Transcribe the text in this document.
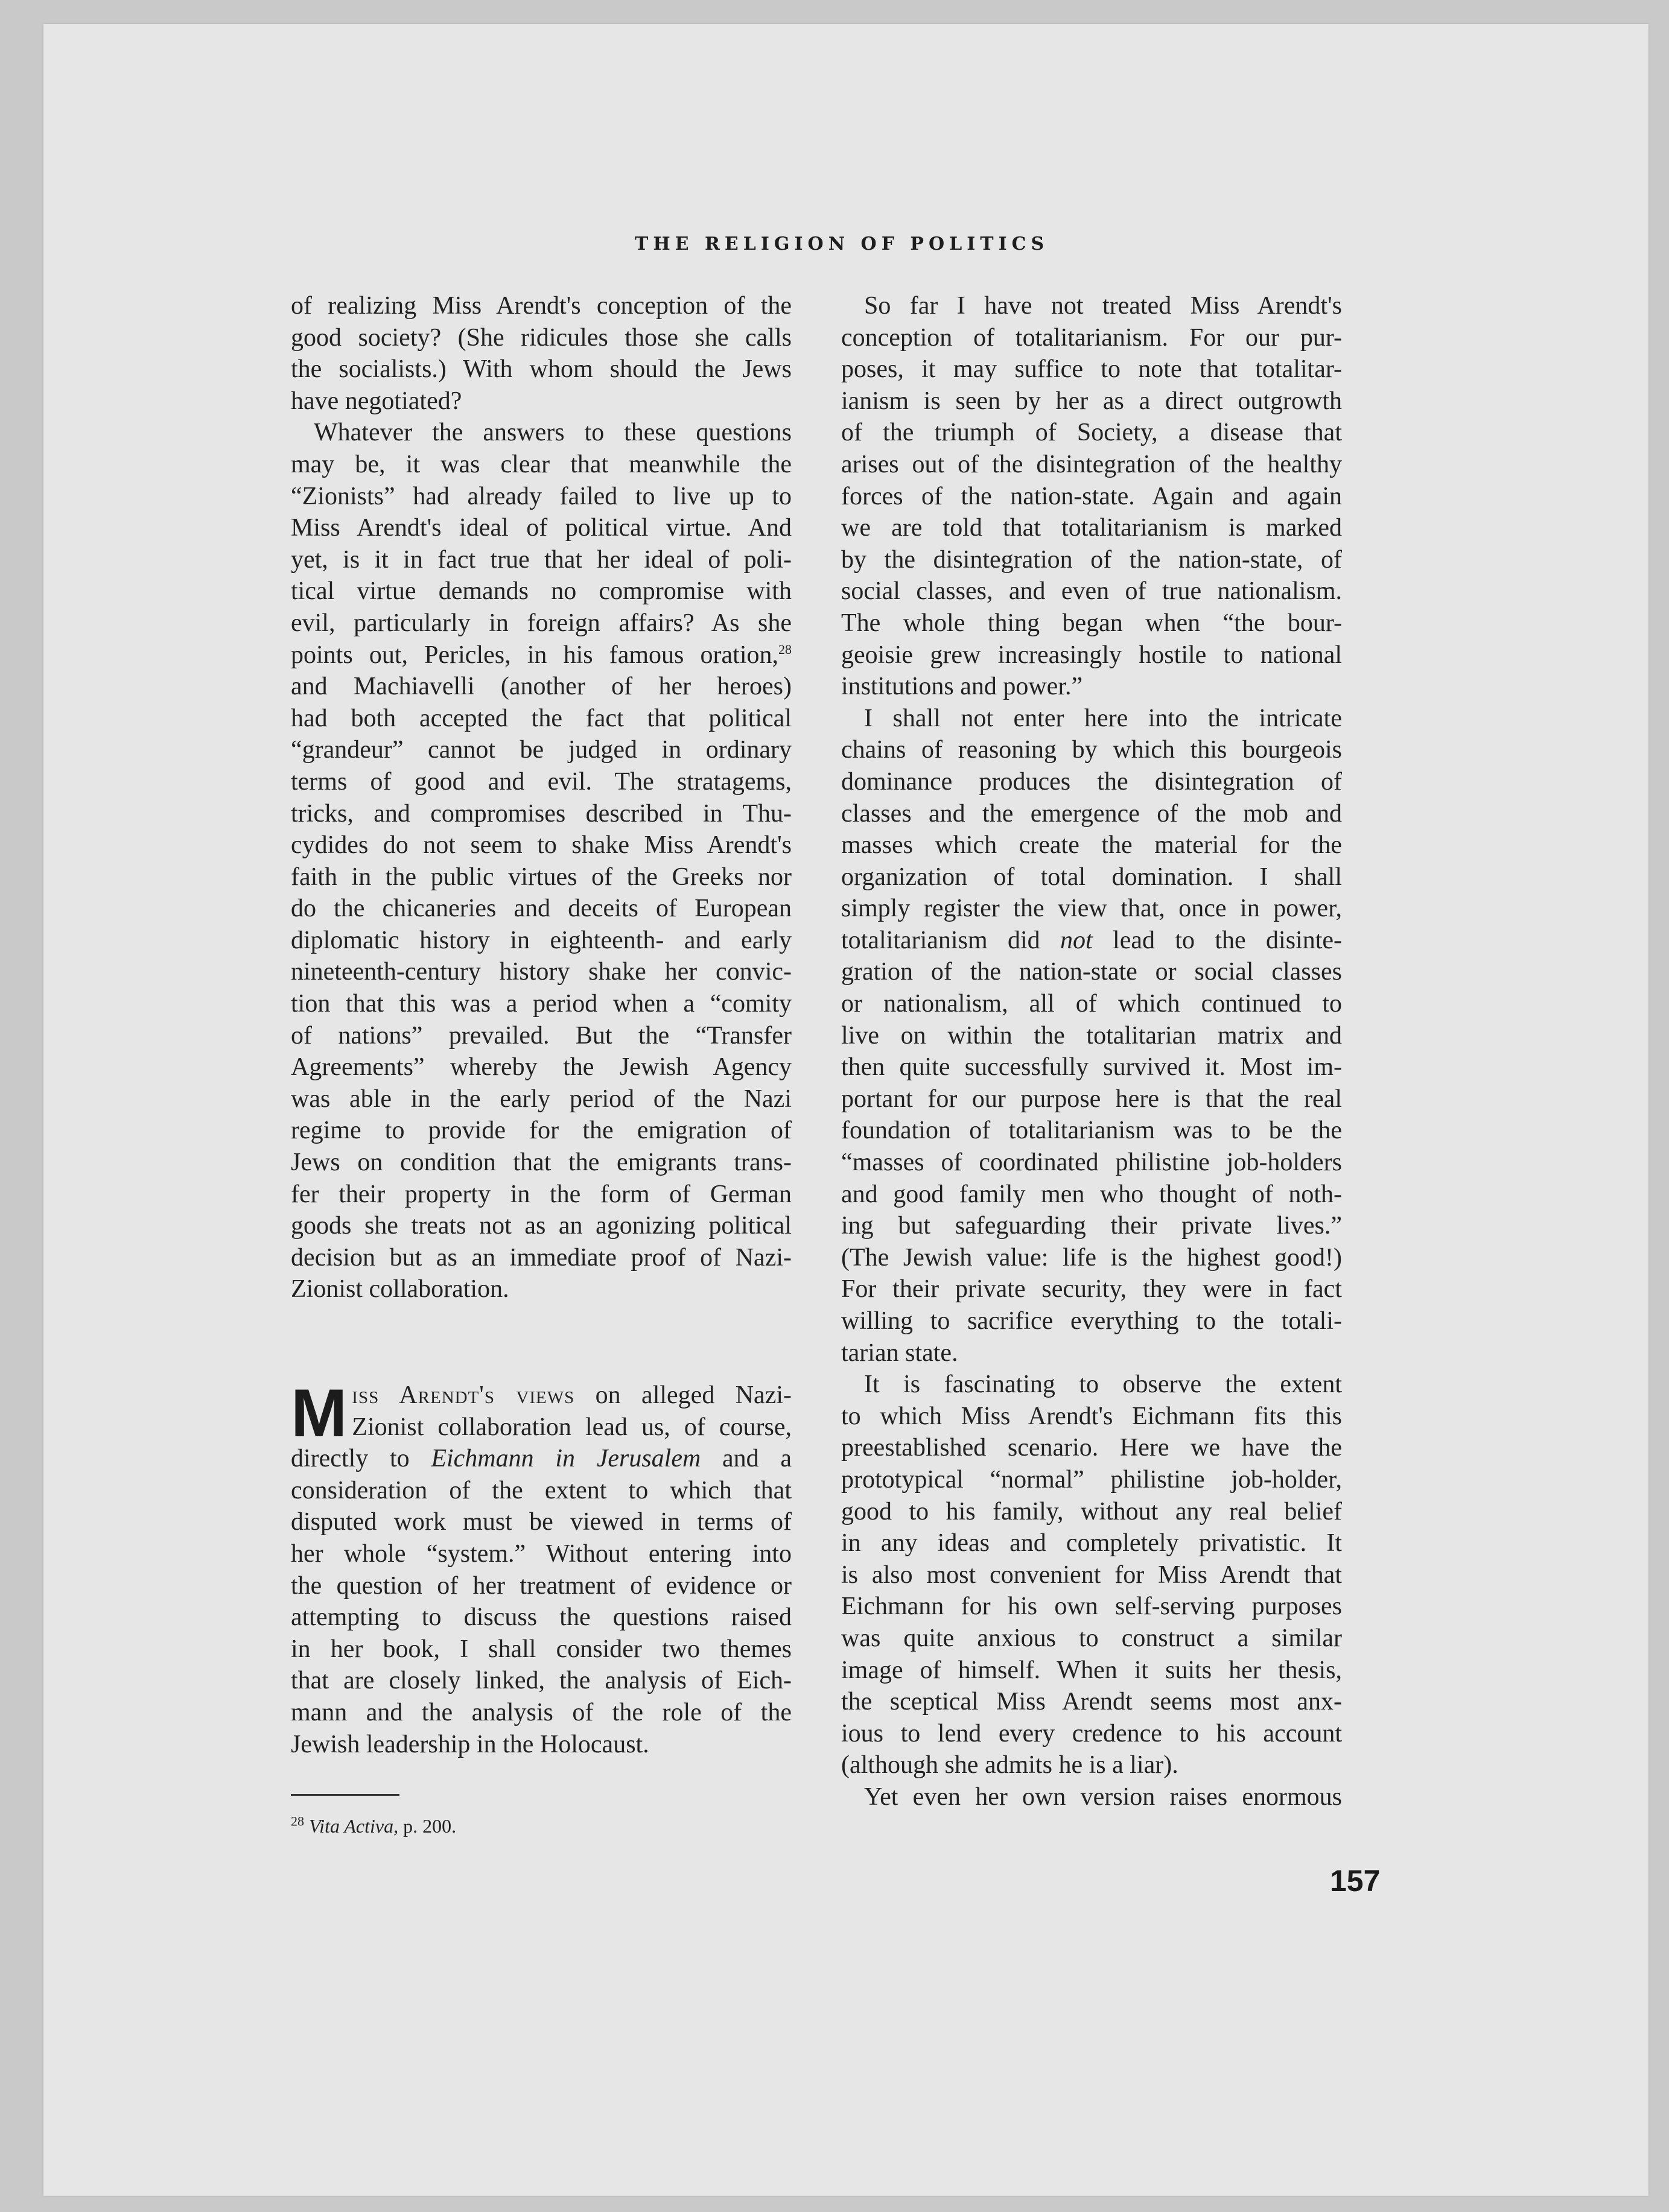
THE RELIGION OF POLITICS

of realizing Miss Arendt's conception of the
good society? (She ridicules those she calls
the socialists.) With whom should the Jews
have negotiated?

Whatever the answers to these questions
may be, it was clear that meanwhile the
“Zionists” had already failed to live up to
Miss Arendt's ideal of political virtue. And
yet, is it in fact true that her ideal of poli-
tical virtue demands no compromise with
evil, particularly in foreign affairs? As she
points out, Pericles, in his famous oration,$^{28}$
and Machiavelli (another of her heroes)
had both accepted the fact that political
“grandeur” cannot be judged in ordinary
terms of good and evil. The stratagems,
tricks, and compromises described in Thu-
cydides do not seem to shake Miss Arendt's
faith in the public virtues of the Greeks nor
do the chicaneries and deceits of European
diplomatic history in eighteenth- and early
nineteenth-century history shake her convic-
tion that this was a period when a “comity
of nations” prevailed. But the “Transfer
Agreements” whereby the Jewish Agency
was able in the early period of the Nazi
regime to provide for the emigration of
Jews on condition that the emigrants trans-
fer their property in the form of German
goods she treats not as an agonizing political
decision but as an immediate proof of Nazi-
Zionist collaboration.

M iss Arendt's views on alleged Nazi-
Zionist collaboration lead us, of course,
directly to Eichmann in Jerusalem and a
consideration of the extent to which that
disputed work must be viewed in terms of
her whole “system.” Without entering into
the question of her treatment of evidence or
attempting to discuss the questions raised
in her book, I shall consider two themes
that are closely linked, the analysis of Eich-
mann and the analysis of the role of the
Jewish leadership in the Holocaust.

$^{28}$ Vita Activa, p. 200.

So far I have not treated Miss Arendt's
conception of totalitarianism. For our pur-
poses, it may suffice to note that totalitar-
ianism is seen by her as a direct outgrowth
of the triumph of Society, a disease that
arises out of the disintegration of the healthy
forces of the nation-state. Again and again
we are told that totalitarianism is marked
by the disintegration of the nation-state, of
social classes, and even of true nationalism.
The whole thing began when “the bour-
geoisie grew increasingly hostile to national
institutions and power.”

I shall not enter here into the intricate
chains of reasoning by which this bourgeois
dominance produces the disintegration of
classes and the emergence of the mob and
masses which create the material for the
organization of total domination. I shall
simply register the view that, once in power,
totalitarianism did not lead to the disinte-
gration of the nation-state or social classes
or nationalism, all of which continued to
live on within the totalitarian matrix and
then quite successfully survived it. Most im-
portant for our purpose here is that the real
foundation of totalitarianism was to be the
“masses of coordinated philistine job-holders
and good family men who thought of noth-
ing but safeguarding their private lives.”
(The Jewish value: life is the highest good!)
For their private security, they were in fact
willing to sacrifice everything to the totali-
tarian state.

It is fascinating to observe the extent
to which Miss Arendt's Eichmann fits this
preestablished scenario. Here we have the
prototypical “normal” philistine job-holder,
good to his family, without any real belief
in any ideas and completely privatistic. It
is also most convenient for Miss Arendt that
Eichmann for his own self-serving purposes
was quite anxious to construct a similar
image of himself. When it suits her thesis,
the sceptical Miss Arendt seems most anx-
ious to lend every credence to his account
(although she admits he is a liar).

Yet even her own version raises enormous

157
